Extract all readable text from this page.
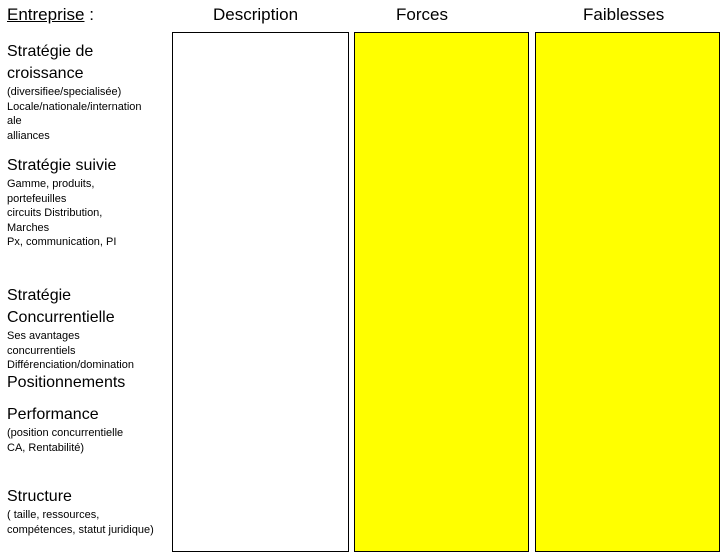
Entreprise :	Description	Forces	Faiblesses
Stratégie de
croissance
(diversifiee/specialisée)
Locale/nationale/internation
ale
alliances
Stratégie suivie
Gamme, produits,
portefeuilles
circuits Distribution,
Marches
Px, communication, PI
Stratégie
Concurrentielle
Ses avantages
concurrentiels
Différenciation/domination
Positionnements
Performance
(position concurrentielle
CA, Rentabilité)
Structure
( taille, ressources,
compétences, statut juridique)
